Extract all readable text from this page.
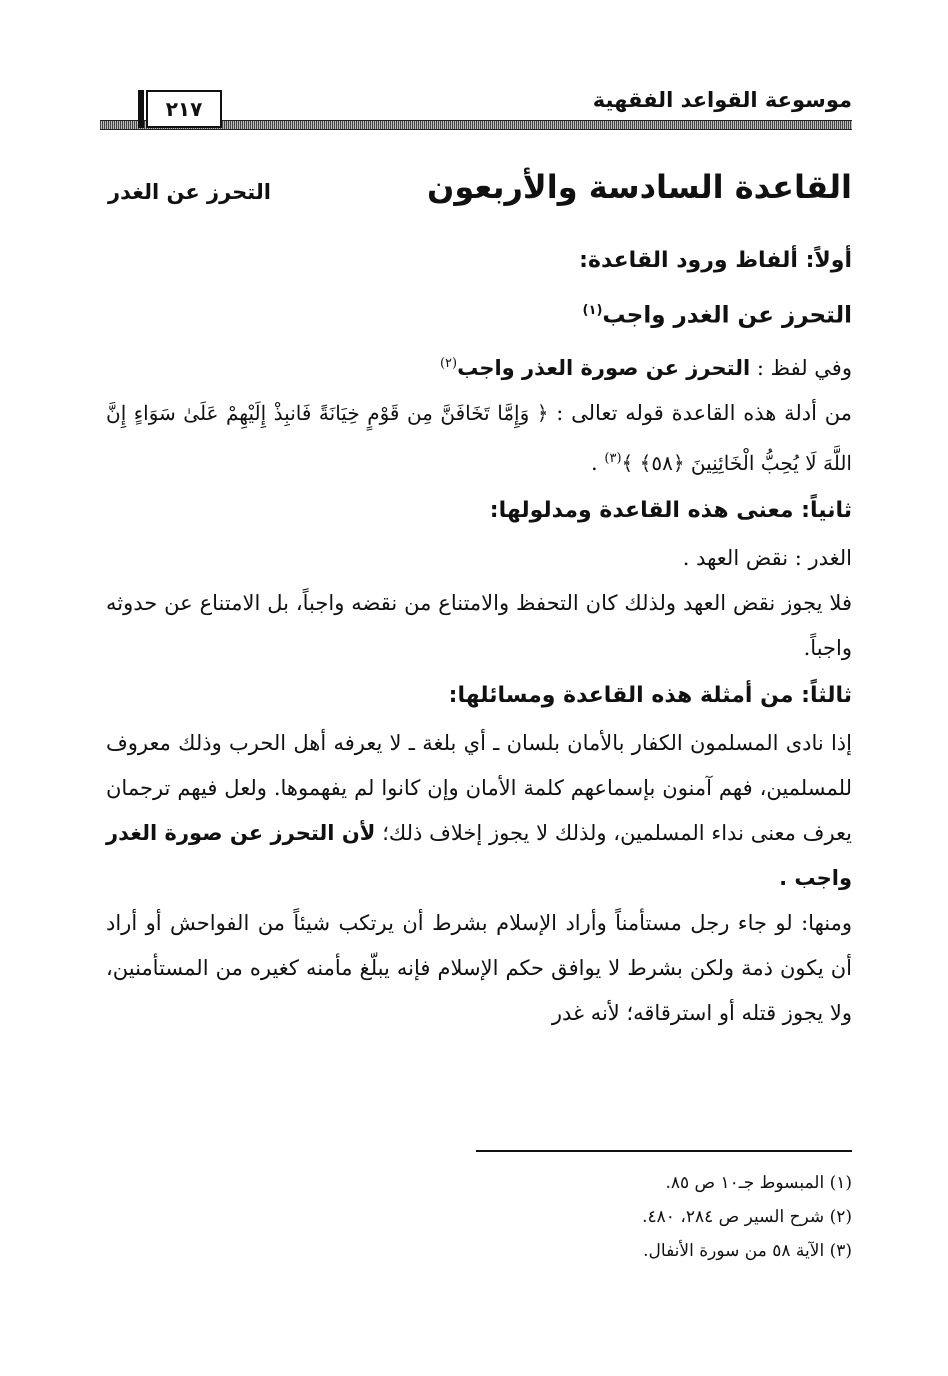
موسوعة القواعد الفقهية
٢١٧
القاعدة السادسة والأربعون
التحرز عن الغدر
أولاً: ألفاظ ورود القاعدة:

التحرز عن الغدر واجب$^{(١)}$

وفي لفظ : التحرز عن صورة العذر واجب$^{(٢)}$

من أدلة هذه القاعدة قوله تعالى : ﴿ وَإِمَّا تَخَافَنَّ مِن قَوْمٍ خِيَانَةً فَانبِذْ إِلَيْهِمْ عَلَىٰ سَوَاءٍ إِنَّ اللَّهَ لَا يُحِبُّ الْخَائِنِينَ ﴿٥٨﴾ ﴾$^{(٣)}$ .

ثانياً: معنى هذه القاعدة ومدلولها:

الغدر : نقض العهد .

فلا يجوز نقض العهد ولذلك كان التحفظ والامتناع من نقضه واجباً، بل الامتناع عن حدوثه واجباً.

ثالثاً: من أمثلة هذه القاعدة ومسائلها:

إذا نادى المسلمون الكفار بالأمان بلسان ـ أي بلغة ـ لا يعرفه أهل الحرب وذلك معروف للمسلمين، فهم آمنون بإسماعهم كلمة الأمان وإن كانوا لم يفهموها. ولعل فيهم ترجمان يعرف معنى نداء المسلمين، ولذلك لا يجوز إخلاف ذلك؛ لأن التحرز عن صورة الغدر واجب .

ومنها: لو جاء رجل مستأمناً وأراد الإسلام بشرط أن يرتكب شيئاً من الفواحش أو أراد أن يكون ذمة ولكن بشرط لا يوافق حكم الإسلام فإنه يبلّغ مأمنه كغيره من المستأمنين، ولا يجوز قتله أو استرقاقه؛ لأنه غدر

(١) المبسوط جـ١٠ ص ٨٥.
(٢) شرح السير ص ٢٨٤، ٤٨٠.
(٣) الآية ٥٨ من سورة الأنفال.
